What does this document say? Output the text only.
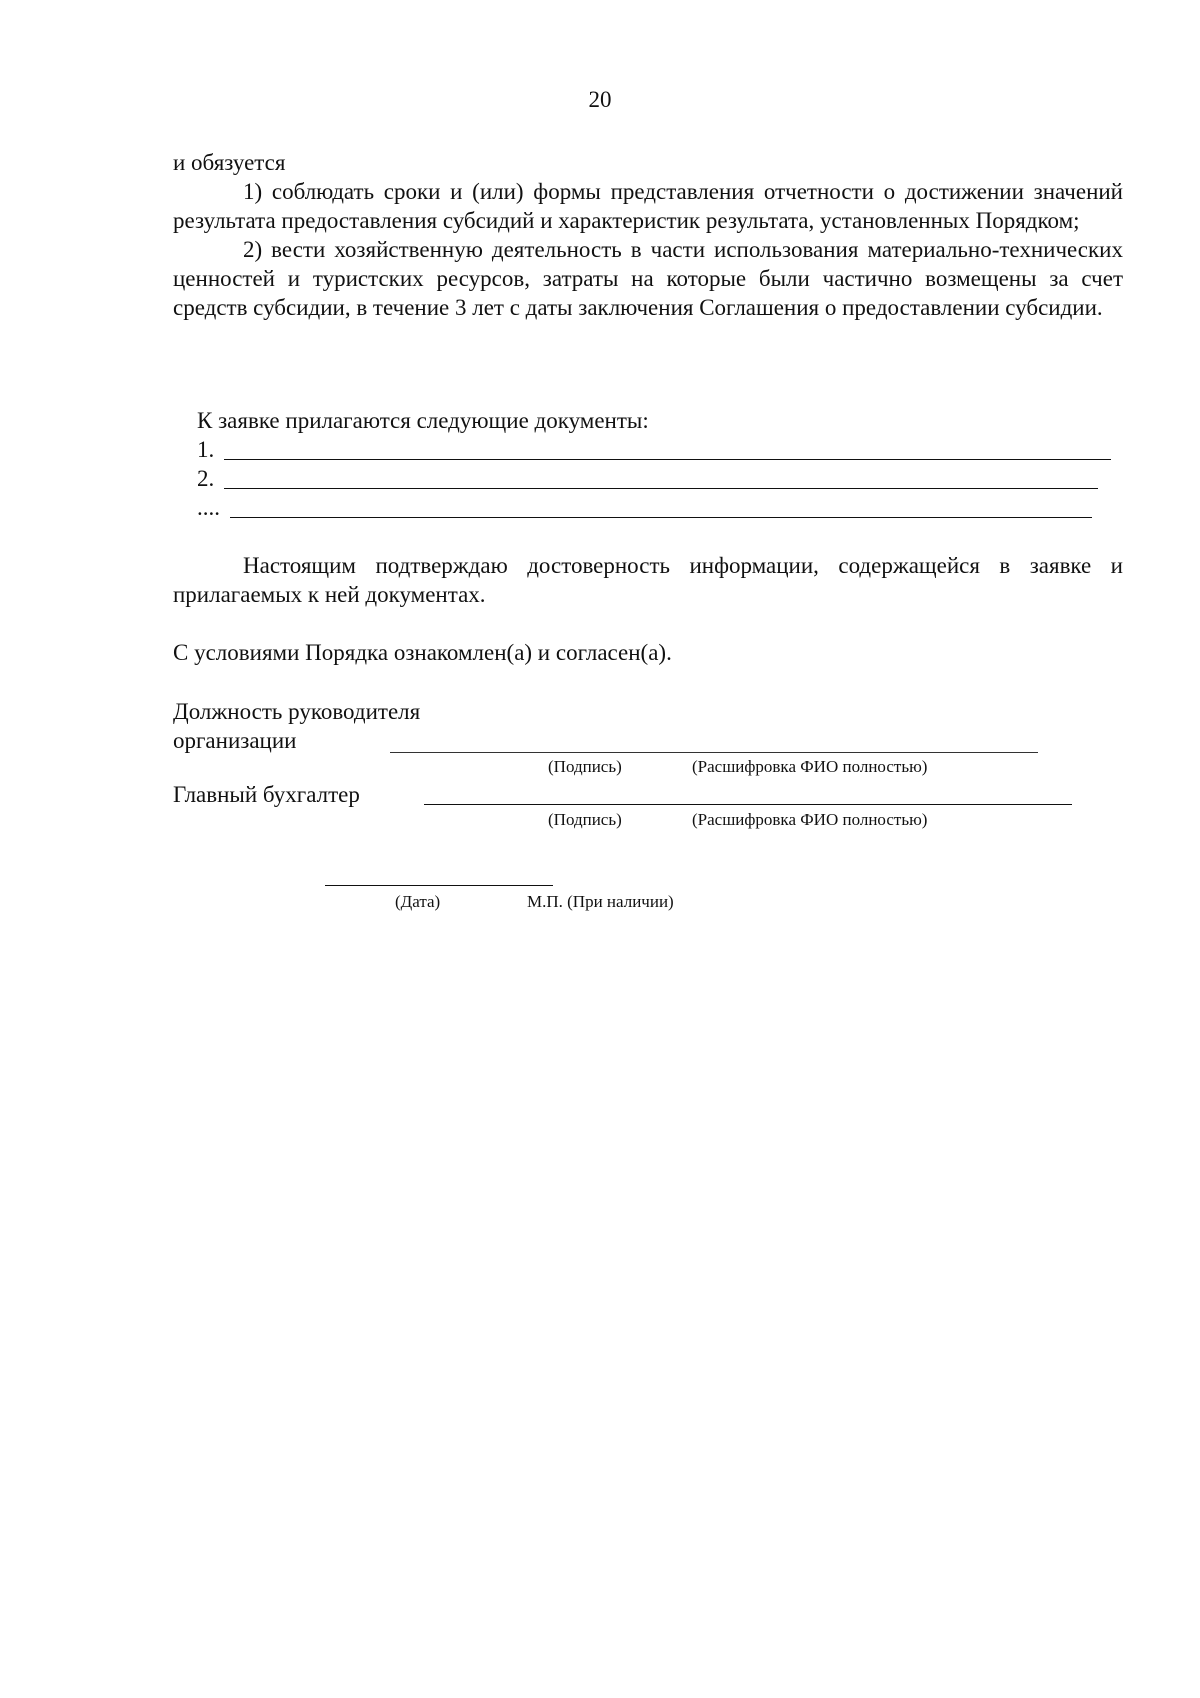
20

и обязуется

1) соблюдать сроки и (или) формы представления отчетности о достижении значений результата предоставления субсидий и характеристик результата, установленных Порядком;

2) вести хозяйственную деятельность в части использования материально-технических ценностей и туристских ресурсов, затраты на которые были частично возмещены за счет средств субсидии, в течение 3 лет с даты заключения Соглашения о предоставлении субсидии.

К заявке прилагаются следующие документы:
1.
2.
....

Настоящим подтверждаю достоверность информации, содержащейся в заявке и прилагаемых к ней документах.

С условиями Порядка ознакомлен(а) и согласен(а).
Должность руководителя
организации
(Подпись)	(Расшифровка ФИО полностью)
Главный бухгалтер
(Подпись)	(Расшифровка ФИО полностью)
(Дата)	М.П. (При наличии)
